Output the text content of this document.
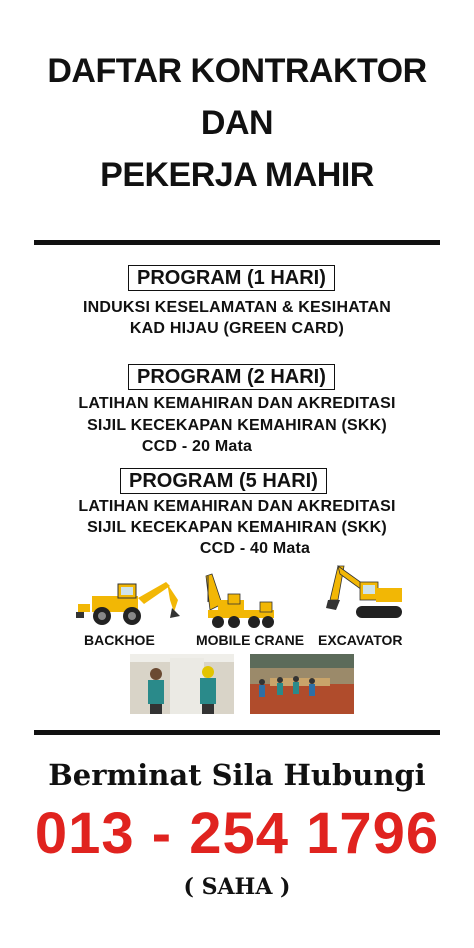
DAFTAR KONTRAKTOR
DAN
PEKERJA MAHIR
PROGRAM (1 HARI)
INDUKSI KESELAMATAN & KESIHATAN
KAD HIJAU (GREEN CARD)
PROGRAM (2 HARI)
LATIHAN KEMAHIRAN DAN AKREDITASI
SIJIL KECEKAPAN KEMAHIRAN (SKK)
CCD - 20 Mata
PROGRAM (5 HARI)
LATIHAN KEMAHIRAN DAN AKREDITASI
SIJIL KECEKAPAN KEMAHIRAN (SKK)
CCD - 40 Mata
BACKHOE	MOBILE CRANE EXCAVATOR
Berminat Sila Hubungi
013 - 254 1796
( SAHA )
